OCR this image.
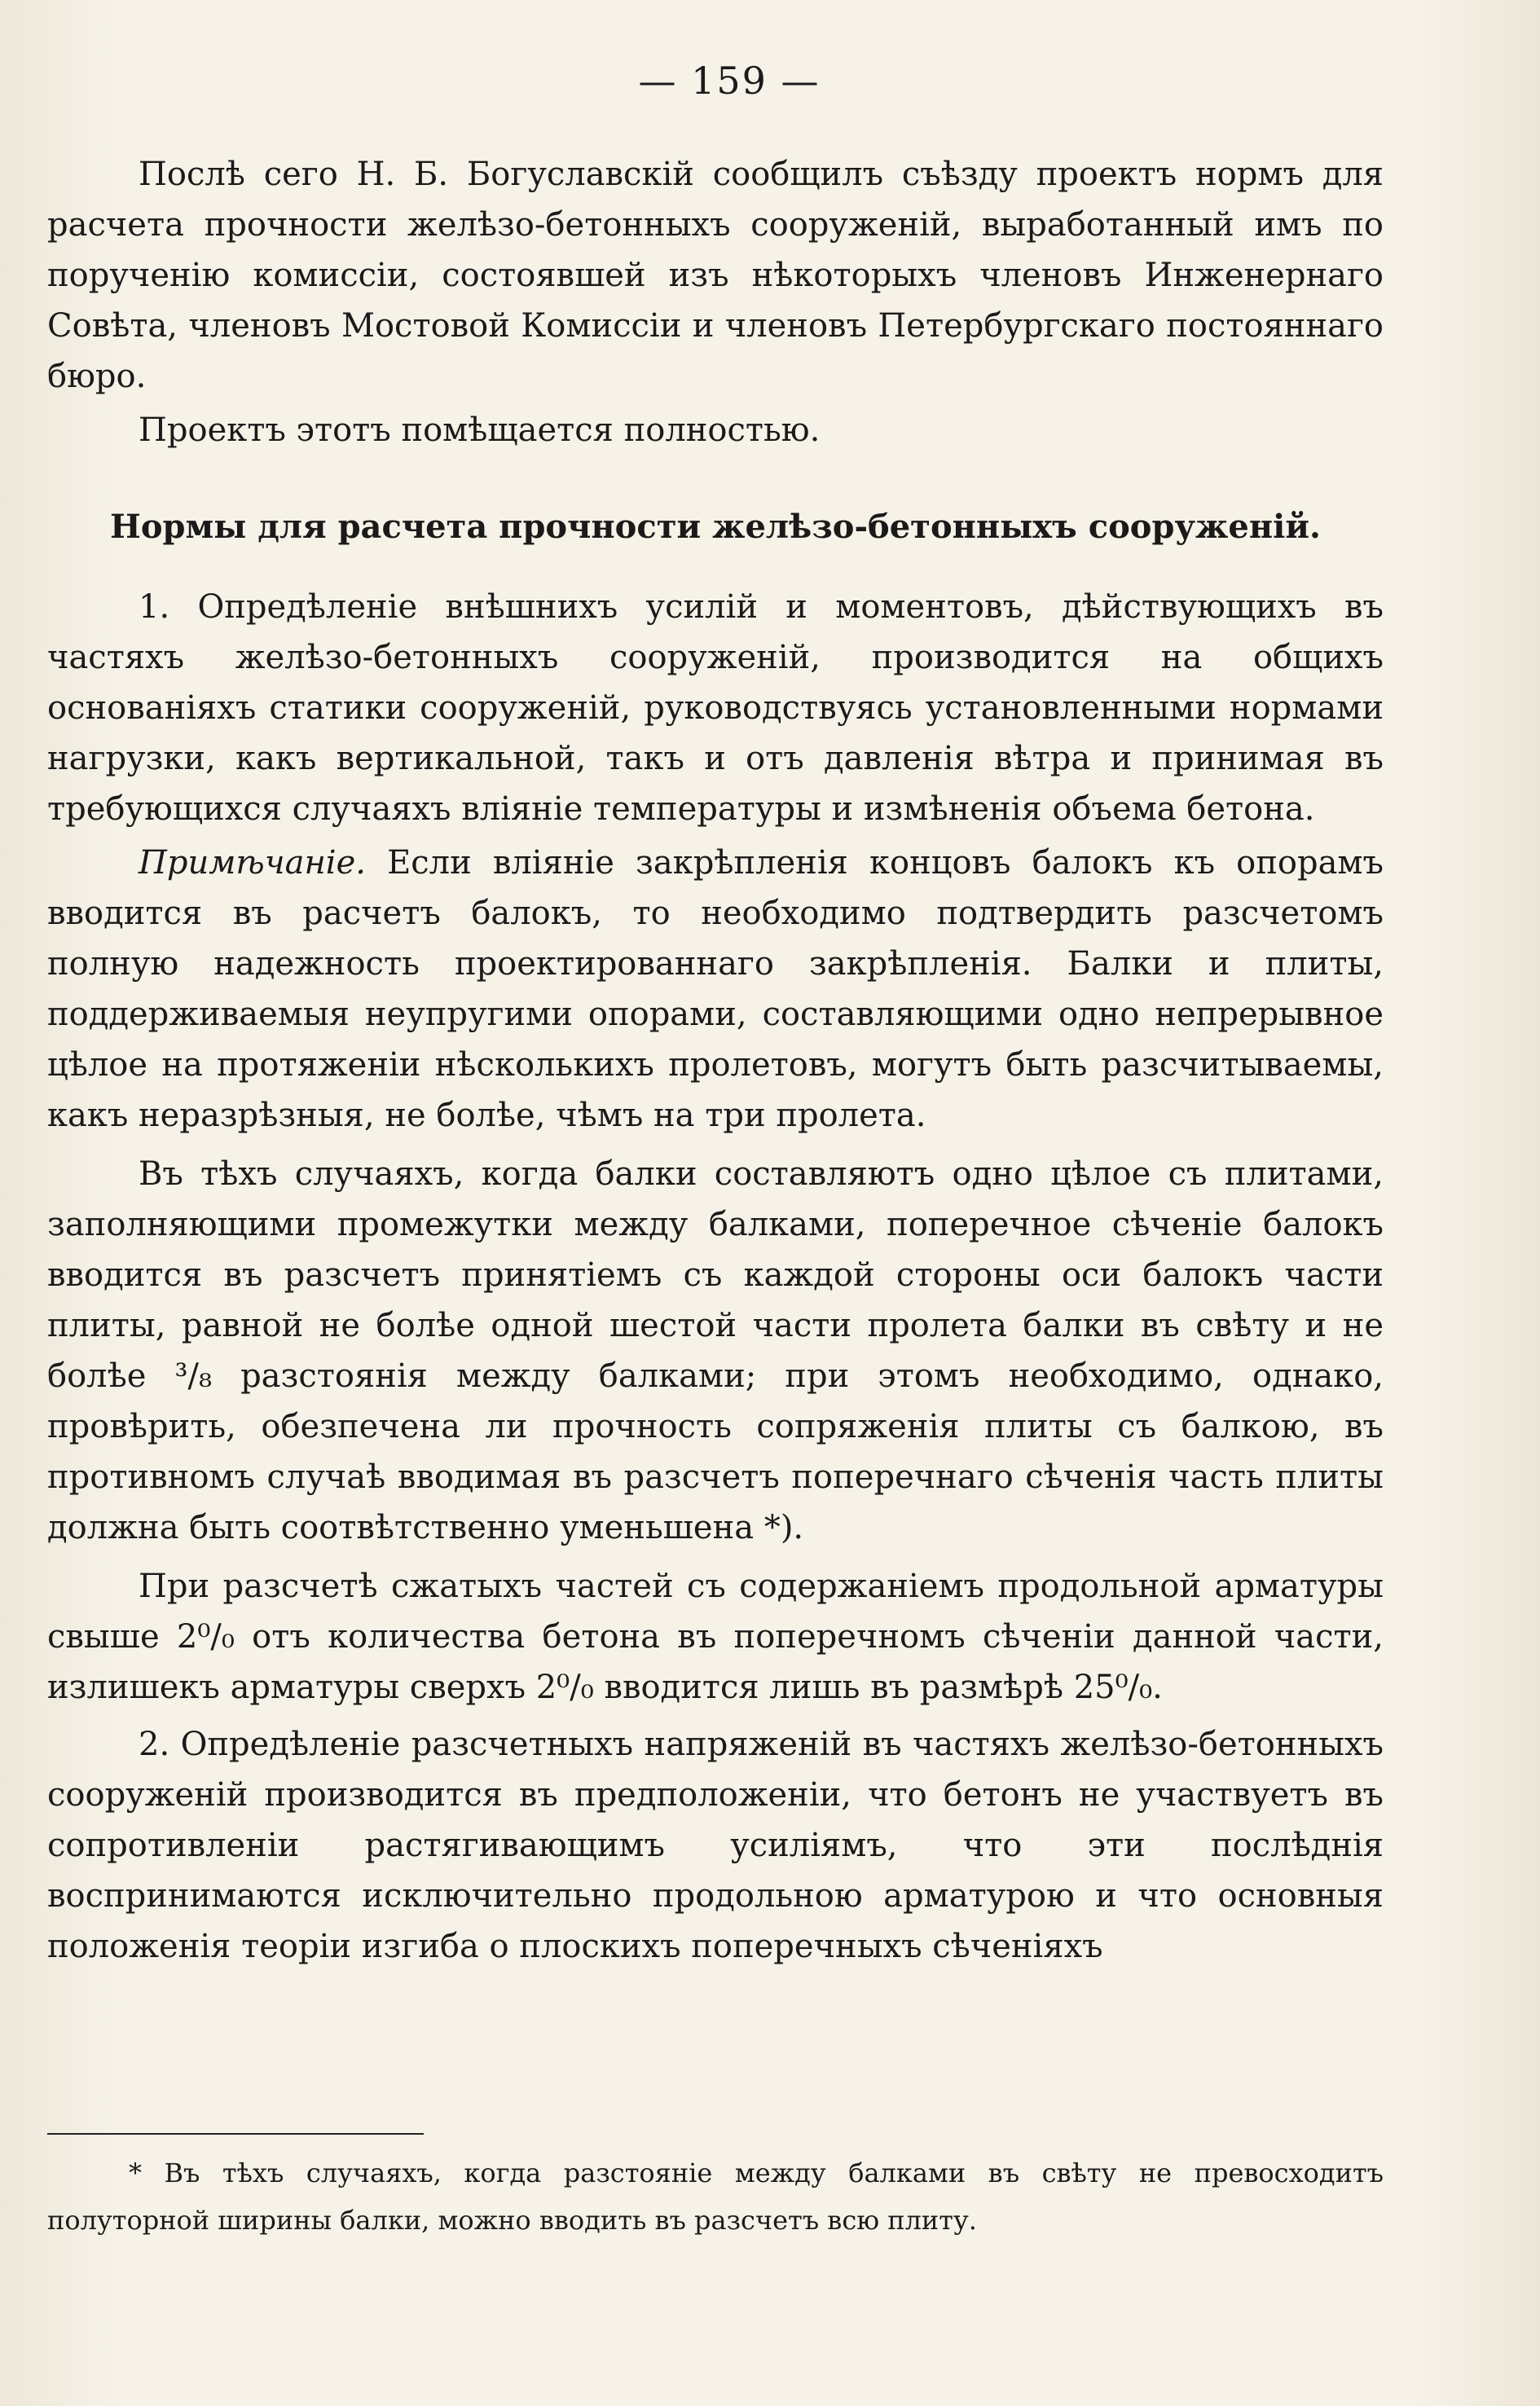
— 159 —

Послѣ сего Н. Б. Богуславскій сообщилъ съѣзду проектъ нормъ для расчета прочности желѣзо-бетонныхъ сооруженій, выработанный имъ по порученію комиссіи, состоявшей изъ нѣкоторыхъ членовъ Инженернаго Совѣта, членовъ Мостовой Комиссіи и членовъ Петербургскаго постояннаго бюро.

Проектъ этотъ помѣщается полностью.

Нормы для расчета прочности желѣзо-бетонныхъ сооруженій.

1. Опредѣленіе внѣшнихъ усилій и моментовъ, дѣйствующихъ въ частяхъ желѣзо-бетонныхъ сооруженій, производится на общихъ основаніяхъ статики сооруженій, руководствуясь установленными нормами нагрузки, какъ вертикальной, такъ и отъ давленія вѣтра и принимая въ требующихся случаяхъ вліяніе температуры и измѣненія объема бетона.

Примѣчаніе. Если вліяніе закрѣпленія концовъ балокъ къ опорамъ вводится въ расчетъ балокъ, то необходимо подтвердить разсчетомъ полную надежность проектированнаго закрѣпленія. Балки и плиты, поддерживаемыя неупругими опорами, составляющими одно непрерывное цѣлое на протяженіи нѣсколькихъ пролетовъ, могутъ быть разсчитываемы, какъ неразрѣзныя, не болѣе, чѣмъ на три пролета.

Въ тѣхъ случаяхъ, когда балки составляютъ одно цѣлое съ плитами, заполняющими промежутки между балками, поперечное сѣченіе балокъ вводится въ разсчетъ принятіемъ съ каждой стороны оси балокъ части плиты, равной не болѣе одной шестой части пролета балки въ свѣту и не болѣе ³/₈ разстоянія между балками; при этомъ необходимо, однако, провѣрить, обезпечена ли прочность сопряженія плиты съ балкою, въ противномъ случаѣ вводимая въ разсчетъ поперечнаго сѣченія часть плиты должна быть соотвѣтственно уменьшена *).

При разсчетѣ сжатыхъ частей съ содержаніемъ продольной арматуры свыше 2⁰/₀ отъ количества бетона въ поперечномъ сѣченіи данной части, излишекъ арматуры сверхъ 2⁰/₀ вводится лишь въ размѣрѣ 25⁰/₀.

2. Опредѣленіе разсчетныхъ напряженій въ частяхъ желѣзо-бетонныхъ сооруженій производится въ предположеніи, что бетонъ не участвуетъ въ сопротивленіи растягивающимъ усиліямъ, что эти послѣднія воспринимаются исключительно продольною арматурою и что основныя положенія теоріи изгиба о плоскихъ поперечныхъ сѣченіяхъ

* Въ тѣхъ случаяхъ, когда разстояніе между балками въ свѣту не превосходитъ полуторной ширины балки, можно вводить въ разсчетъ всю плиту.
